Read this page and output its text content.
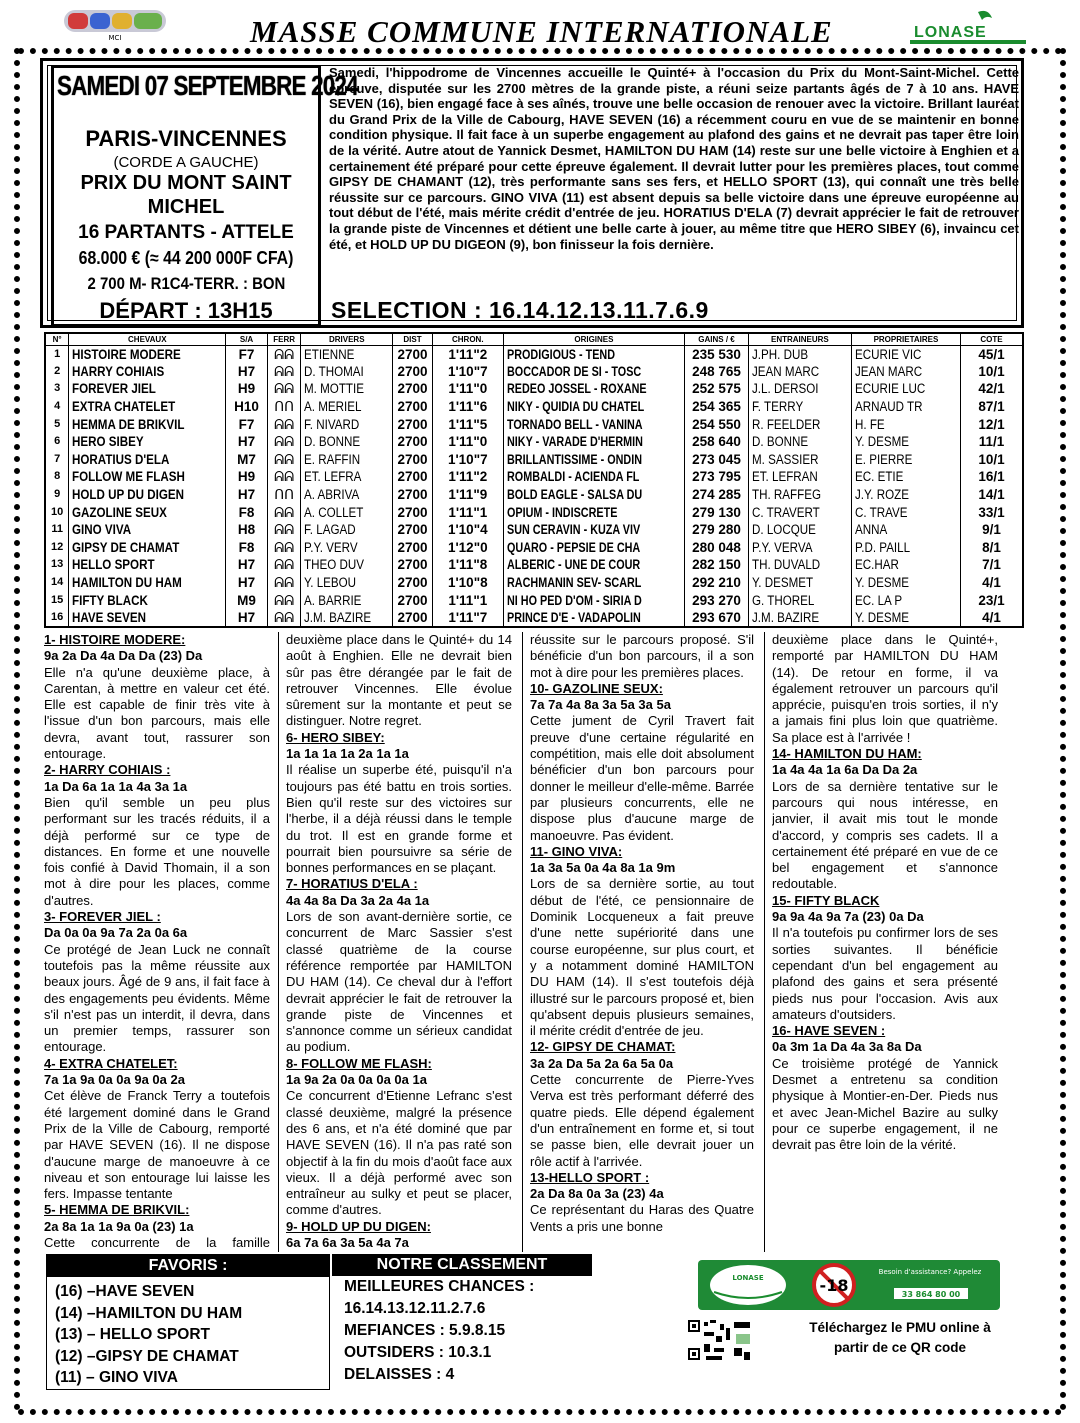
MCI	MASSE COMMUNE INTERNATIONALE	LONASE
SAMEDI 07 SEPTEMBRE 2024
PARIS-VINCENNES
(CORDE A GAUCHE)
PRIX DU MONT SAINT
MICHEL
16 PARTANTS - ATTELE
68.000 € (≈ 44 200 000F CFA)
2 700 M- R1C4-TERR. : BON
DÉPART : 13H15

Samedi, l'hippodrome de Vincennes accueille le Quinté+ à l'occasion du Prix du Mont-Saint-Michel. Cette épreuve, disputée sur les 2700 mètres de la grande piste, a réuni seize partants âgés de 7 à 10 ans. HAVE SEVEN (16), bien engagé face à ses aînés, trouve une belle occasion de renouer avec la victoire. Brillant lauréat du Grand Prix de la Ville de Cabourg, HAVE SEVEN (16) a récemment couru en vue de se maintenir en bonne condition physique. Il fait face à un superbe engagement au plafond des gains et ne devrait pas taper être loin de la vérité. Autre atout de Yannick Desmet, HAMILTON DU HAM (14) reste sur une belle victoire à Enghien et a certainement été préparé pour cette épreuve également. Il devrait lutter pour les premières places, tout comme GIPSY DE CHAMANT (12), très performante sans ses fers, et HELLO SPORT (13), qui connaît une très belle réussite sur ce parcours. GINO VIVA (11) est absent depuis sa belle victoire dans une épreuve européenne au tout début de l'été, mais mérite crédit d'entrée de jeu. HORATIUS D'ELA (7) devrait apprécier le fait de retrouver la grande piste de Vincennes et détient une belle carte à jouer, au même titre que HERO SIBEY (6), invaincu cet été, et HOLD UP DU DIGEON (9), bon finisseur la fois dernière.

SELECTION : 16.14.12.13.11.7.6.9
N°	CHEVAUX	S/A	FERR	DRIVERS	DIST	CHRON.	ORIGINES	GAINS / €	ENTRAINEURS	PROPRIETAIRES	COTE
1	HISTOIRE MODERE	F7	ᕱᕱ	ETIENNE	2700	1'11"2	PRODIGIOUS - TEND	235 530	J.PH. DUB	ECURIE VIC	45/1
2	HARRY COHIAIS	H7	ᕱᕱ	D. THOMAI	2700	1'10"7	BOCCADOR DE SI - TOSC	248 765	JEAN MARC	JEAN MARC	10/1
3	FOREVER JIEL	H9	ᕱᕱ	M. MOTTIE	2700	1'11"0	REDEO JOSSEL - ROXANE	252 575	J.L. DERSOI	ECURIE LUC	42/1
4	EXTRA CHATELET	H10	ᑎᑎ	A. MERIEL	2700	1'11"6	NIKY - QUIDIA DU CHATEL	254 365	F. TERRY	ARNAUD TR	87/1
5	HEMMA DE BRIKVIL	F7	ᕱᕱ	F. NIVARD	2700	1'11"5	TORNADO BELL - VANINA	254 550	R. FEELDER	H. FE	12/1
6	HERO SIBEY	H7	ᕱᕱ	D. BONNE	2700	1'11"0	NIKY - VARADE D'HERMIN	258 640	D. BONNE	Y. DESME	11/1
7	HORATIUS D'ELA	M7	ᕱᕱ	E. RAFFIN	2700	1'10"7	BRILLANTISSIME - ONDIN	273 045	M. SASSIER	E. PIERRE	10/1
8	FOLLOW ME FLASH	H9	ᕱᕱ	ET. LEFRA	2700	1'11"2	ROMBALDI - ACIENDA FL	273 795	ET. LEFRAN	EC. ETIE	16/1
9	HOLD UP DU DIGEN	H7	ᑎᑎ	A. ABRIVA	2700	1'11"9	BOLD EAGLE - SALSA DU	274 285	TH. RAFFEG	J.Y. ROZE	14/1
10	GAZOLINE SEUX	F8	ᕱᕱ	A. COLLET	2700	1'11"1	OPIUM - INDISCRETE	279 130	C. TRAVERT	C. TRAVE	33/1
11	GINO VIVA	H8	ᕱᕱ	F. LAGAD	2700	1'10"4	SUN CERAVIN - KUZA VIV	279 280	D. LOCQUE	ANNA	9/1
12	GIPSY DE CHAMAT	F8	ᕱᕱ	P.Y. VERV	2700	1'12"0	QUARO - PEPSIE DE CHA	280 048	P.Y. VERVA	P.D. PAILL	8/1
13	HELLO SPORT	H7	ᕱᕱ	THEO DUV	2700	1'11"8	ALBERIC - UNE DE COUR	282 150	TH. DUVALD	EC.HAR	7/1
14	HAMILTON DU HAM	H7	ᕱᕱ	Y. LEBOU	2700	1'10"8	RACHMANIN SEV- SCARL	292 210	Y. DESMET	Y. DESME	4/1
15	FIFTY BLACK	M9	ᕱᕱ	A. BARRIE	2700	1'11"1	NI HO PED D'OM - SIRIA D	293 270	G. THOREL	EC. LA P	23/1
16	HAVE SEVEN	H7	ᕱᕱ	J.M. BAZIRE	2700	1'11"7	PRINCE D'E - VADAPOLIN	293 670	J.M. BAZIRE	Y. DESME	4/1
1- HISTOIRE MODERE:
9a 2a Da 4a Da Da (23) Da

Elle n'a qu'une deuxième place, à Carentan, à mettre en valeur cet été. Elle est capable de finir très vite à l'issue d'un bon parcours, mais elle devra, avant tout, rassurer son entourage.

2- HARRY COHIAIS :
1a Da 6a 1a 1a 4a 3a 1a

Bien qu'il semble un peu plus performant sur les tracés réduits, il a déjà performé sur ce type de distances. En forme et une nouvelle fois confié à David Thomain, il a son mot à dire pour les places, comme d'autres.

3- FOREVER JIEL :
Da 0a 0a 9a 7a 2a 0a 6a

Ce protégé de Jean Luck ne connaît toutefois pas la même réussite aux beaux jours. Âgé de 9 ans, il fait face à des engagements peu évidents. Même s'il n'est pas un interdit, il devra, dans un premier temps, rassurer son entourage.

4- EXTRA CHATELET:
7a 1a 9a 0a 0a 9a 0a 2a

Cet élève de Franck Terry a toutefois été largement dominé dans le Grand Prix de la Ville de Cabourg, remporté par HAVE SEVEN (16). Il ne dispose d'aucune marge de manoeuvre à ce niveau et son entourage lui laisse les fers. Impasse tentante

5- HEMMA DE BRIKVIL:
2a 8a 1a 1a 9a 0a (23) 1a

Cette concurrente de la famille

deuxième place dans le Quinté+ du 14 août à Enghien. Elle ne devrait bien sûr pas être dérangée par le fait de retrouver Vincennes. Elle évolue sûrement sur la montante et peut se distinguer. Notre regret.

6- HERO SIBEY:
1a 1a 1a 1a 2a 1a 1a

Il réalise un superbe été, puisqu'il n'a toujours pas été battu en trois sorties. Bien qu'il reste sur des victoires sur l'herbe, il a déjà réussi dans le temple du trot. Il est en grande forme et pourrait bien poursuivre sa série de bonnes performances en se plaçant.

7- HORATIUS D'ELA :
4a 4a 8a Da 3a 2a 4a 1a

Lors de son avant-dernière sortie, ce concurrent de Marc Sassier s'est classé quatrième de la course référence remportée par HAMILTON DU HAM (14). Ce cheval dur à l'effort devrait apprécier le fait de retrouver la grande piste de Vincennes et s'annonce comme un sérieux candidat au podium.

8- FOLLOW ME FLASH:
1a 9a 2a 0a 0a 0a 0a 1a

Ce concurrent d'Etienne Lefranc s'est classé deuxième, malgré la présence des 6 ans, et n'a été dominé que par HAVE SEVEN (16). Il n'a pas raté son objectif à la fin du mois d'août face aux vieux. Il a déjà performé avec son entraîneur au sulky et peut se placer, comme d'autres.

9- HOLD UP DU DIGEN:
6a 7a 6a 3a 5a 4a 7a

réussite sur le parcours proposé. S'il bénéficie d'un bon parcours, il a son mot à dire pour les premières places.

10- GAZOLINE SEUX:
7a 7a 4a 8a 3a 5a 3a 5a

Cette jument de Cyril Travert fait preuve d'une certaine régularité en compétition, mais elle doit absolument bénéficier d'un bon parcours pour donner le meilleur d'elle-même. Barrée par plusieurs concurrents, elle ne dispose plus d'aucune marge de manoeuvre. Pas évident.

11- GINO VIVA:
1a 3a 5a 0a 4a 8a 1a 9m

Lors de sa dernière sortie, au tout début de l'été, ce pensionnaire de Dominik Locqueneux a fait preuve d'une nette supériorité dans une course européenne, sur plus court, et y a notamment dominé HAMILTON DU HAM (14). Il s'est toutefois déjà illustré sur le parcours proposé et, bien qu'absent depuis plusieurs semaines, il mérite crédit d'entrée de jeu.

12- GIPSY DE CHAMAT:
3a 2a Da 5a 2a 6a 5a 0a

Cette concurrente de Pierre-Yves Verva est très performant déferré des quatre pieds. Elle dépend également d'un entraînement en forme et, si tout se passe bien, elle devrait jouer un rôle actif à l'arrivée.

13-HELLO SPORT :
2a Da 8a 0a 3a (23) 4a

Ce représentant du Haras des Quatre Vents a pris une bonne

deuxième place dans le Quinté+, remporté par HAMILTON DU HAM (14). De retour en forme, il va également retrouver un parcours qu'il apprécie, puisqu'en trois sorties, il n'y a jamais fini plus loin que quatrième. Sa place est à l'arrivée !

14- HAMILTON DU HAM:
1a 4a 4a 1a 6a Da Da 2a

Lors de sa dernière tentative sur le parcours qui nous intéresse, en janvier, il avait mis tout le monde d'accord, y compris ses cadets. Il a certainement été préparé en vue de ce bel engagement et s'annonce redoutable.

15- FIFTY BLACK
9a 9a 4a 9a 7a (23) 0a Da

Il n'a toutefois pu confirmer lors de ses sorties suivantes. Il bénéficie cependant d'un bel engagement au plafond des gains et sera présenté pieds nus pour l'occasion. Avis aux amateurs d'outsiders.

16- HAVE SEVEN :
0a 3m 1a Da 4a 3a 8a Da

Ce troisième protégé de Yannick Desmet a entretenu sa condition physique à Montier-en-Der. Pieds nus et avec Jean-Michel Bazire au sulky pour ce superbe engagement, il ne devrait pas être loin de la vérité.

FAVORIS :
(16) –HAVE SEVEN
(14) –HAMILTON DU HAM
(13) – HELLO SPORT
(12) –GIPSY DE CHAMAT
(11) – GINO VIVA
NOTRE CLASSEMENT
MEILLEURES CHANCES :
16.14.13.12.11.2.7.6
MEFIANCES : 5.9.8.15
OUTSIDERS : 10.3.1
DELAISSES : 4
LONASE	-18
Besoin d'assistance? Appelez
33 864 80 00
Téléchargez le PMU online à
partir de ce QR code
